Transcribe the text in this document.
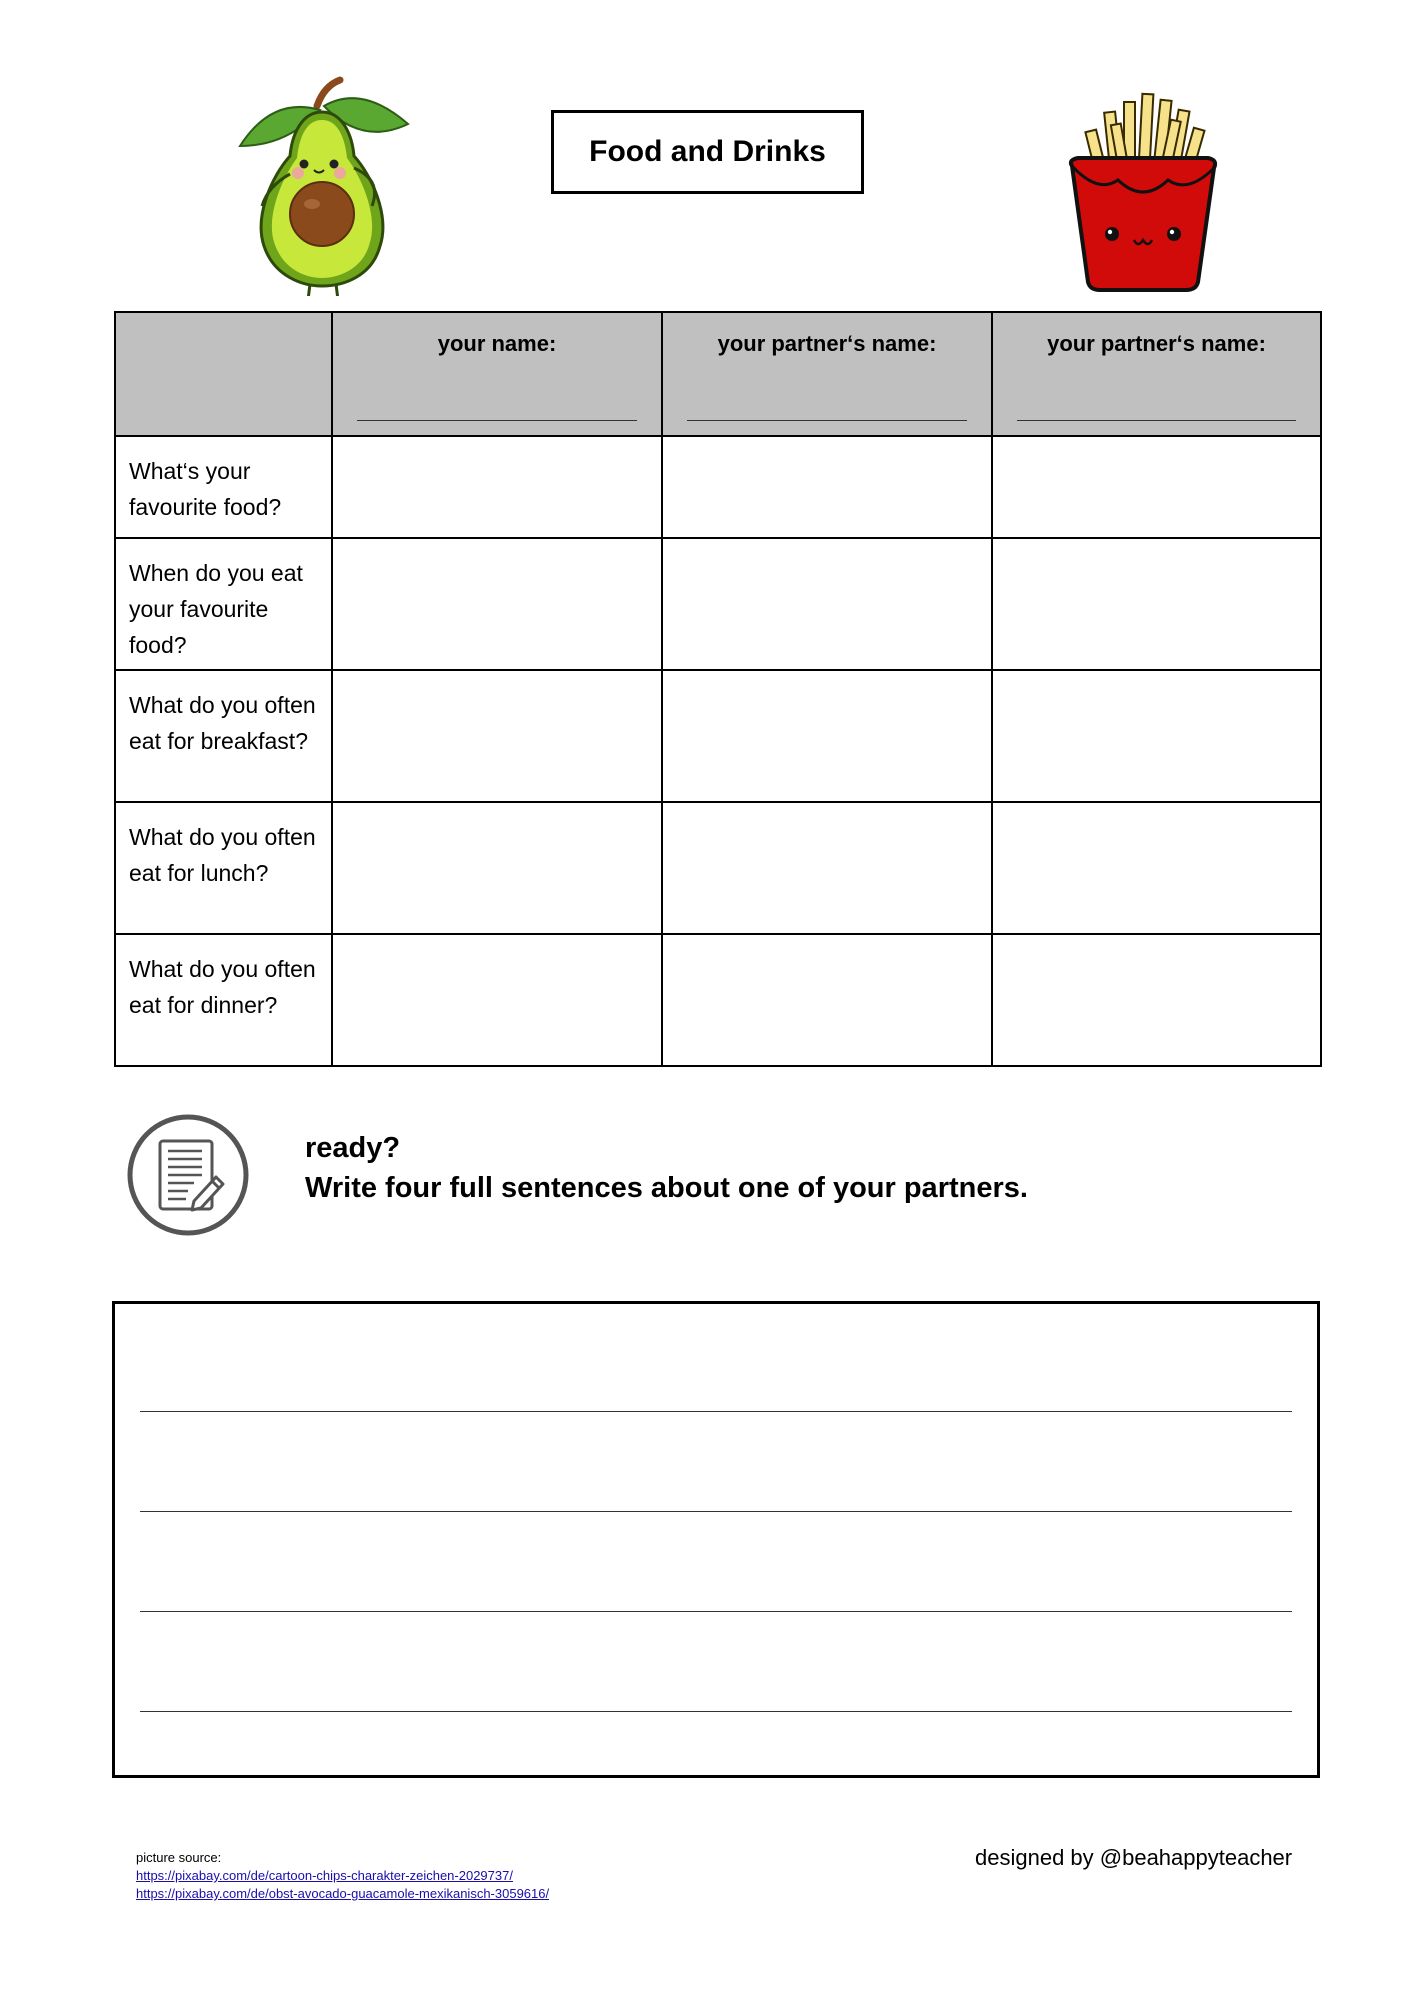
Food and Drinks

	your name:	your partner‘s name:	your partner‘s name:

What‘s your favourite food?			

When do you eat your favourite food?			

What do you often eat for breakfast?			

What do you often eat for lunch?			

What do you often eat for dinner?			

ready?
Write four full sentences about one of your partners.
picture source:
https://pixabay.com/de/cartoon-chips-charakter-zeichen-2029737/
https://pixabay.com/de/obst-avocado-guacamole-mexikanisch-3059616/
designed by @beahappyteacher
